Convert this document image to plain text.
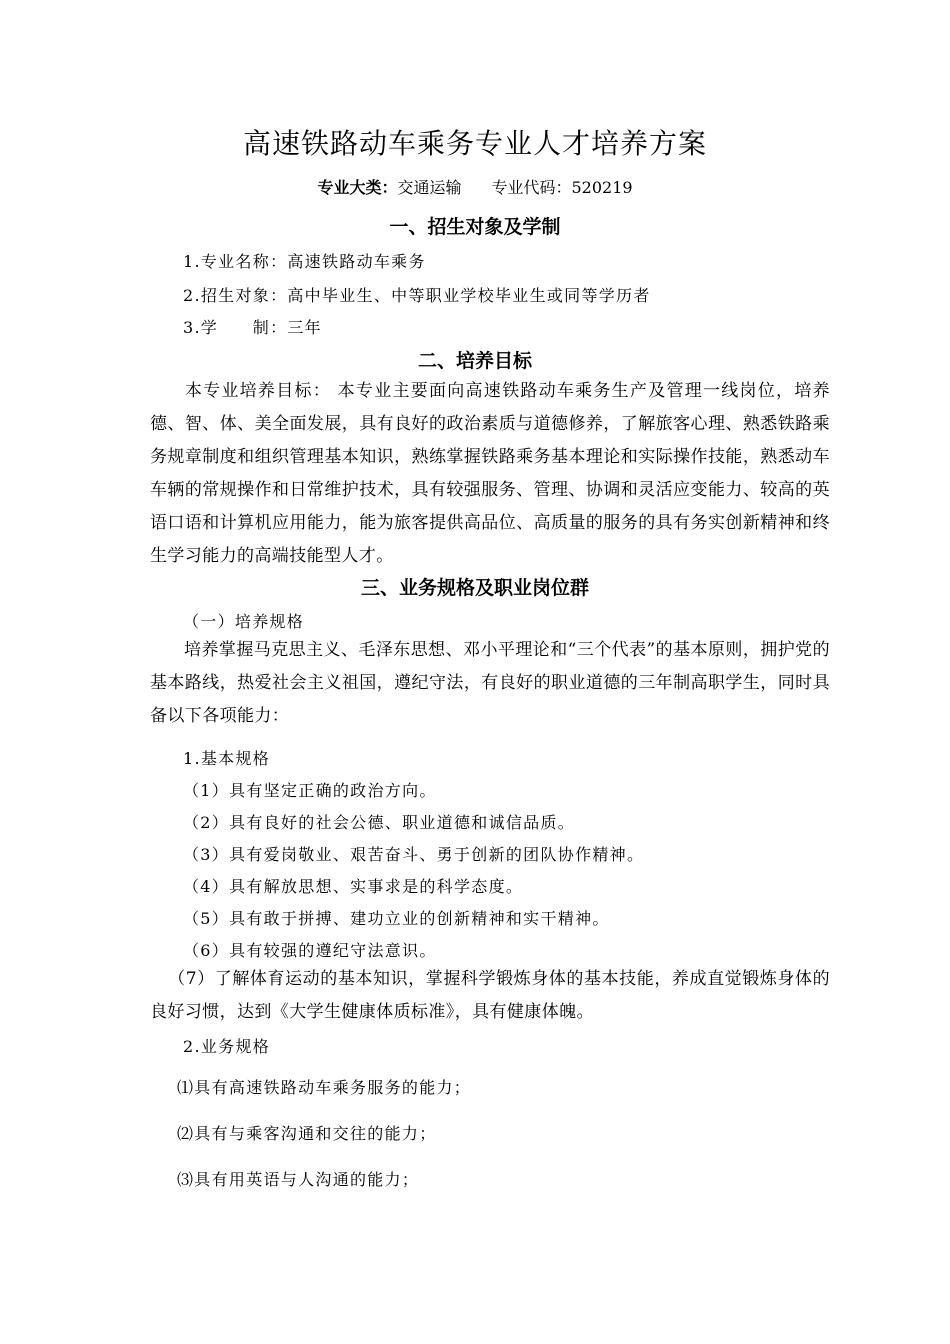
高速铁路动车乘务专业人才培养方案
专业大类：交通运输 专业代码：520219
一、招生对象及学制
1.专业名称：高速铁路动车乘务
2.招生对象：高中毕业生、中等职业学校毕业生或同等学历者
3.学　　制：三年
二、培养目标
本专业培养目标： 本专业主要面向高速铁路动车乘务生产及管理一线岗位，培养德、智、体、美全面发展，具有良好的政治素质与道德修养，了解旅客心理、熟悉铁路乘务规章制度和组织管理基本知识，熟练掌握铁路乘务基本理论和实际操作技能，熟悉动车车辆的常规操作和日常维护技术，具有较强服务、管理、协调和灵活应变能力、较高的英语口语和计算机应用能力，能为旅客提供高品位、高质量的服务的具有务实创新精神和终生学习能力的高端技能型人才。
三、业务规格及职业岗位群
（一）培养规格
培养掌握马克思主义、毛泽东思想、邓小平理论和“三个代表”的基本原则，拥护党的基本路线，热爱社会主义祖国，遵纪守法，有良好的职业道德的三年制高职学生，同时具备以下各项能力：
1.基本规格
（1）具有坚定正确的政治方向。
（2）具有良好的社会公德、职业道德和诚信品质。
（3）具有爱岗敬业、艰苦奋斗、勇于创新的团队协作精神。
（4）具有解放思想、实事求是的科学态度。
（5）具有敢于拼搏、建功立业的创新精神和实干精神。
（6）具有较强的遵纪守法意识。
（7）了解体育运动的基本知识，掌握科学锻炼身体的基本技能，养成直觉锻炼身体的良好习惯，达到《大学生健康体质标准》，具有健康体魄。
2.业务规格
⑴具有高速铁路动车乘务服务的能力；
⑵具有与乘客沟通和交往的能力；
⑶具有用英语与人沟通的能力；
